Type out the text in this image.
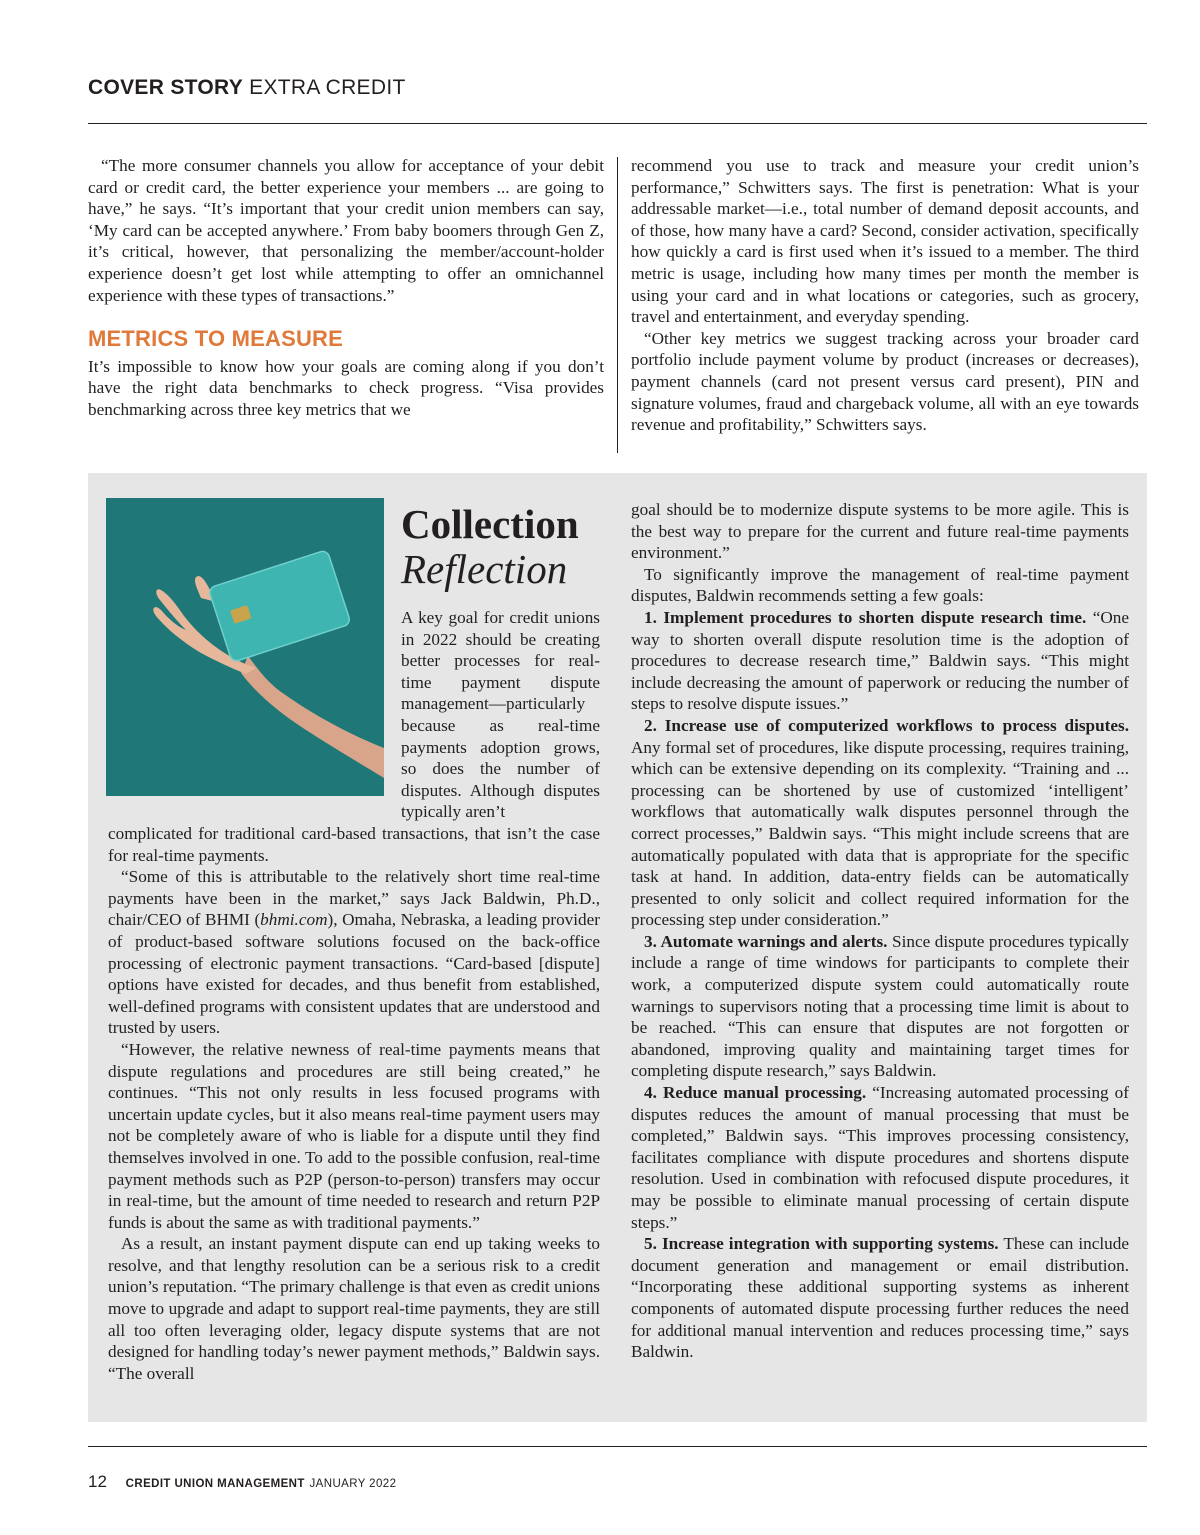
COVER STORY EXTRA CREDIT

“The more consumer channels you allow for acceptance of your debit card or credit card, the better experience your members ... are going to have,” he says. “It’s important that your credit union members can say, ‘My card can be accepted anywhere.’ From baby boomers through Gen Z, it’s critical, however, that personalizing the member/account-holder experience doesn’t get lost while attempting to offer an omnichannel experience with these types of transactions.”

METRICS TO MEASURE

It’s impossible to know how your goals are coming along if you don’t have the right data benchmarks to check progress. “Visa provides benchmarking across three key metrics that we

recommend you use to track and measure your credit union’s performance,” Schwitters says. The first is penetration: What is your addressable market—i.e., total number of demand deposit accounts, and of those, how many have a card? Second, consider activation, specifically how quickly a card is first used when it’s issued to a member. The third metric is usage, including how many times per month the member is using your card and in what locations or categories, such as grocery, travel and entertainment, and everyday spending.

“Other key metrics we suggest tracking across your broader card portfolio include payment volume by product (increases or decreases), payment channels (card not present versus card present), PIN and signature volumes, fraud and chargeback volume, all with an eye towards revenue and profitability,” Schwitters says.

Collection
Reflection

A key goal for credit unions in 2022 should be creating better processes for real-time payment dispute management—particularly because as real-time payments adoption grows, so does the number of disputes. Although disputes typically aren’t

complicated for traditional card-based transactions, that isn’t the case for real-time payments.

“Some of this is attributable to the relatively short time real-time payments have been in the market,” says Jack Baldwin, Ph.D., chair/CEO of BHMI (bhmi.com), Omaha, Nebraska, a leading provider of product-based software solutions focused on the back-office processing of electronic payment transactions. “Card-based [dispute] options have existed for decades, and thus benefit from established, well-defined programs with consistent updates that are understood and trusted by users.

“However, the relative newness of real-time payments means that dispute regulations and procedures are still being created,” he continues. “This not only results in less focused programs with uncertain update cycles, but it also means real-time payment users may not be completely aware of who is liable for a dispute until they find themselves involved in one. To add to the possible confusion, real-time payment methods such as P2P (person-to-person) transfers may occur in real-time, but the amount of time needed to research and return P2P funds is about the same as with traditional payments.”

As a result, an instant payment dispute can end up taking weeks to resolve, and that lengthy resolution can be a serious risk to a credit union’s reputation. “The primary challenge is that even as credit unions move to upgrade and adapt to support real-time payments, they are still all too often leveraging older, legacy dispute systems that are not designed for handling today’s newer payment methods,” Baldwin says. “The overall

goal should be to modernize dispute systems to be more agile. This is the best way to prepare for the current and future real-time payments environment.”

To significantly improve the management of real-time payment disputes, Baldwin recommends setting a few goals:

1. Implement procedures to shorten dispute research time. “One way to shorten overall dispute resolution time is the adoption of procedures to decrease research time,” Baldwin says. “This might include decreasing the amount of paperwork or reducing the number of steps to resolve dispute issues.”

2. Increase use of computerized workflows to process disputes. Any formal set of procedures, like dispute processing, requires training, which can be extensive depending on its complexity. “Training and ... processing can be shortened by use of customized ‘intelligent’ workflows that automatically walk disputes personnel through the correct processes,” Baldwin says. “This might include screens that are automatically populated with data that is appropriate for the specific task at hand. In addition, data-entry fields can be automatically presented to only solicit and collect required information for the processing step under consideration.”

3. Automate warnings and alerts. Since dispute procedures typically include a range of time windows for participants to complete their work, a computerized dispute system could automatically route warnings to supervisors noting that a processing time limit is about to be reached. “This can ensure that disputes are not forgotten or abandoned, improving quality and maintaining target times for completing dispute research,” says Baldwin.

4. Reduce manual processing. “Increasing automated processing of disputes reduces the amount of manual processing that must be completed,” Baldwin says. “This improves processing consistency, facilitates compliance with dispute procedures and shortens dispute resolution. Used in combination with refocused dispute procedures, it may be possible to eliminate manual processing of certain dispute steps.”

5. Increase integration with supporting systems. These can include document generation and management or email distribution. “Incorporating these additional supporting systems as inherent components of automated dispute processing further reduces the need for additional manual intervention and reduces processing time,” says Baldwin.

12 CREDIT UNION MANAGEMENT JANUARY 2022
